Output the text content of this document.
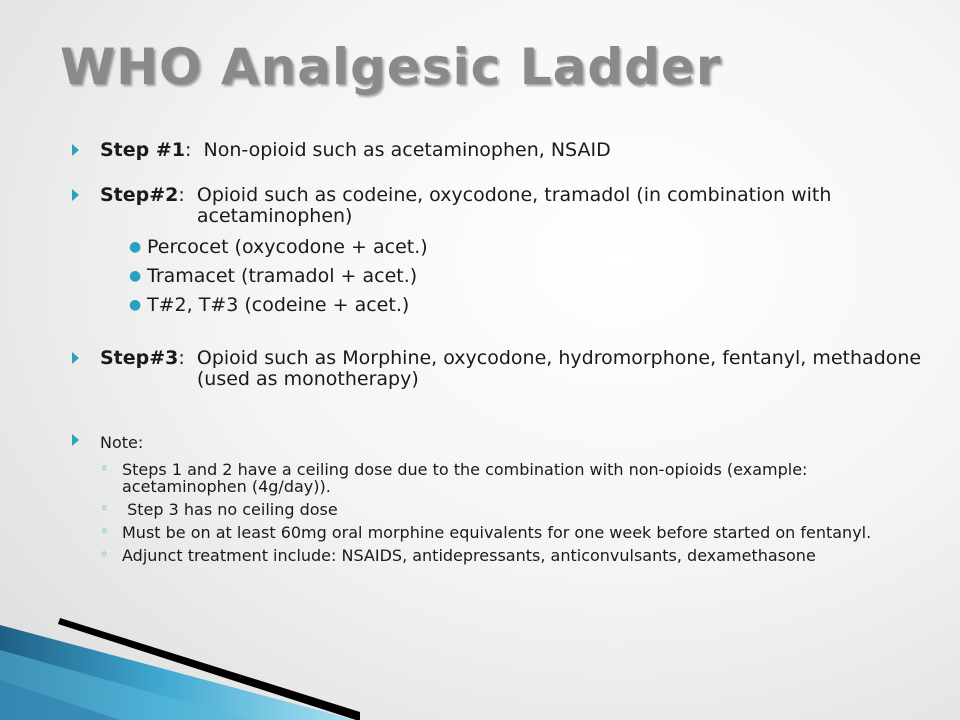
WHO Analgesic Ladder
Step #1: Non-opioid such as acetaminophen, NSAID
Step#2: Opioid such as codeine, oxycodone, tramadol (in combination with acetaminophen)
● Percocet (oxycodone + acet.)
● Tramacet (tramadol + acet.)
● T#2, T#3 (codeine + acet.)
Step#3: Opioid such as Morphine, oxycodone, hydromorphone, fentanyl, methadone (used as monotherapy)
Note:
◦ Steps 1 and 2 have a ceiling dose due to the combination with non-opioids (example: acetaminophen (4g/day)).
◦ Step 3 has no ceiling dose
◦ Must be on at least 60mg oral morphine equivalents for one week before started on fentanyl.
◦ Adjunct treatment include: NSAIDS, antidepressants, anticonvulsants, dexamethasone
